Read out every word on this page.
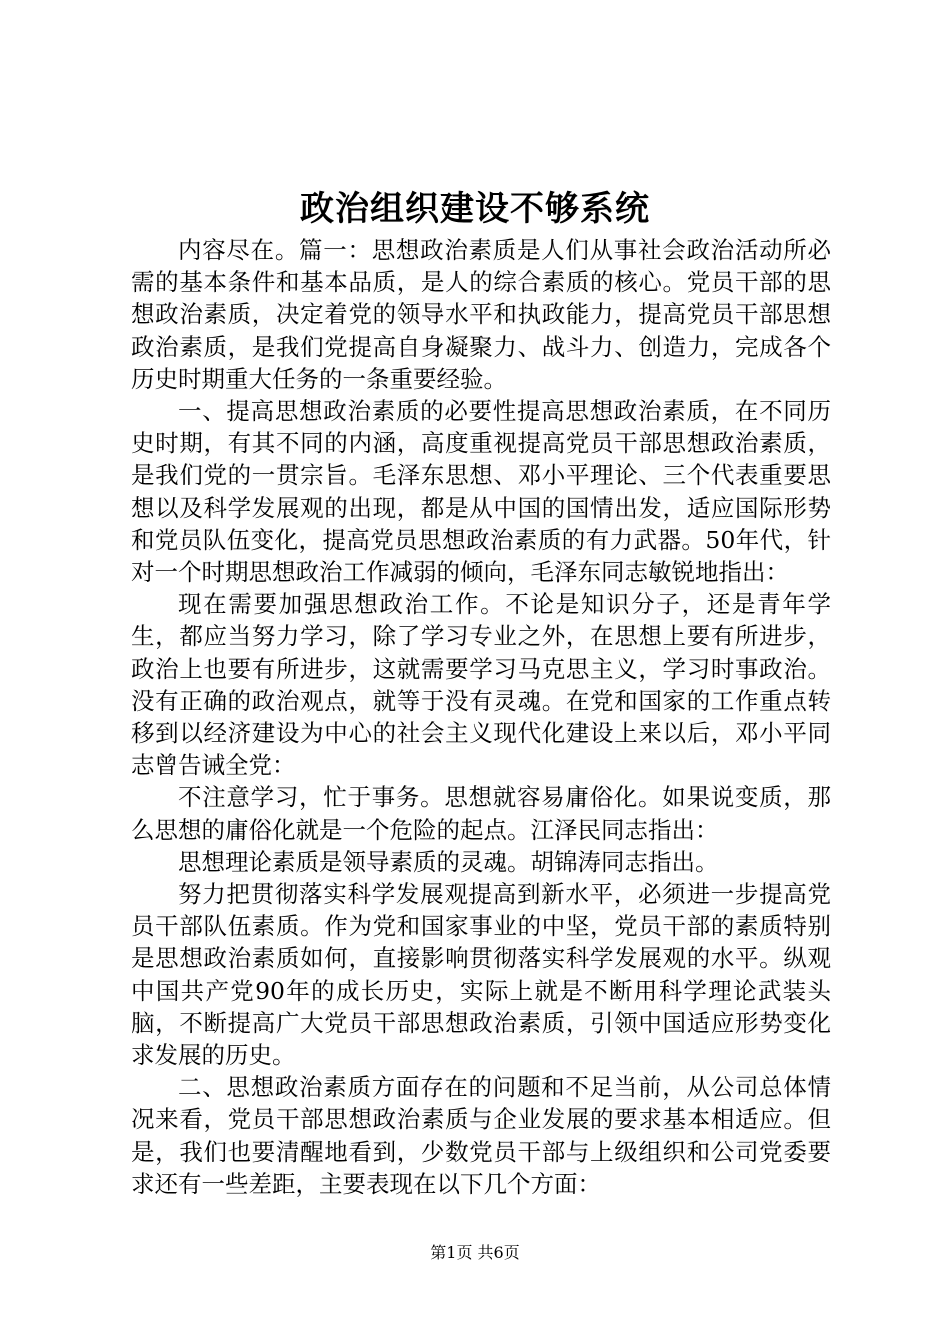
政治组织建设不够系统

内容尽在。篇一：思想政治素质是人们从事社会政治活动所必需的基本条件和基本品质，是人的综合素质的核心。党员干部的思想政治素质，决定着党的领导水平和执政能力，提高党员干部思想政治素质，是我们党提高自身凝聚力、战斗力、创造力，完成各个历史时期重大任务的一条重要经验。

一、提高思想政治素质的必要性提高思想政治素质，在不同历史时期，有其不同的内涵，高度重视提高党员干部思想政治素质，是我们党的一贯宗旨。毛泽东思想、邓小平理论、三个代表重要思想以及科学发展观的出现，都是从中国的国情出发，适应国际形势和党员队伍变化，提高党员思想政治素质的有力武器。50年代，针对一个时期思想政治工作减弱的倾向，毛泽东同志敏锐地指出：

现在需要加强思想政治工作。不论是知识分子，还是青年学生，都应当努力学习，除了学习专业之外，在思想上要有所进步，政治上也要有所进步，这就需要学习马克思主义，学习时事政治。没有正确的政治观点，就等于没有灵魂。在党和国家的工作重点转移到以经济建设为中心的社会主义现代化建设上来以后，邓小平同志曾告诫全党：

不注意学习，忙于事务。思想就容易庸俗化。如果说变质，那么思想的庸俗化就是一个危险的起点。江泽民同志指出：

思想理论素质是领导素质的灵魂。胡锦涛同志指出。

努力把贯彻落实科学发展观提高到新水平，必须进一步提高党员干部队伍素质。作为党和国家事业的中坚，党员干部的素质特别是思想政治素质如何，直接影响贯彻落实科学发展观的水平。纵观中国共产党90年的成长历史，实际上就是不断用科学理论武装头脑，不断提高广大党员干部思想政治素质，引领中国适应形势变化求发展的历史。

二、思想政治素质方面存在的问题和不足当前，从公司总体情况来看，党员干部思想政治素质与企业发展的要求基本相适应。但是，我们也要清醒地看到，少数党员干部与上级组织和公司党委要求还有一些差距，主要表现在以下几个方面：

第1页 共6页
